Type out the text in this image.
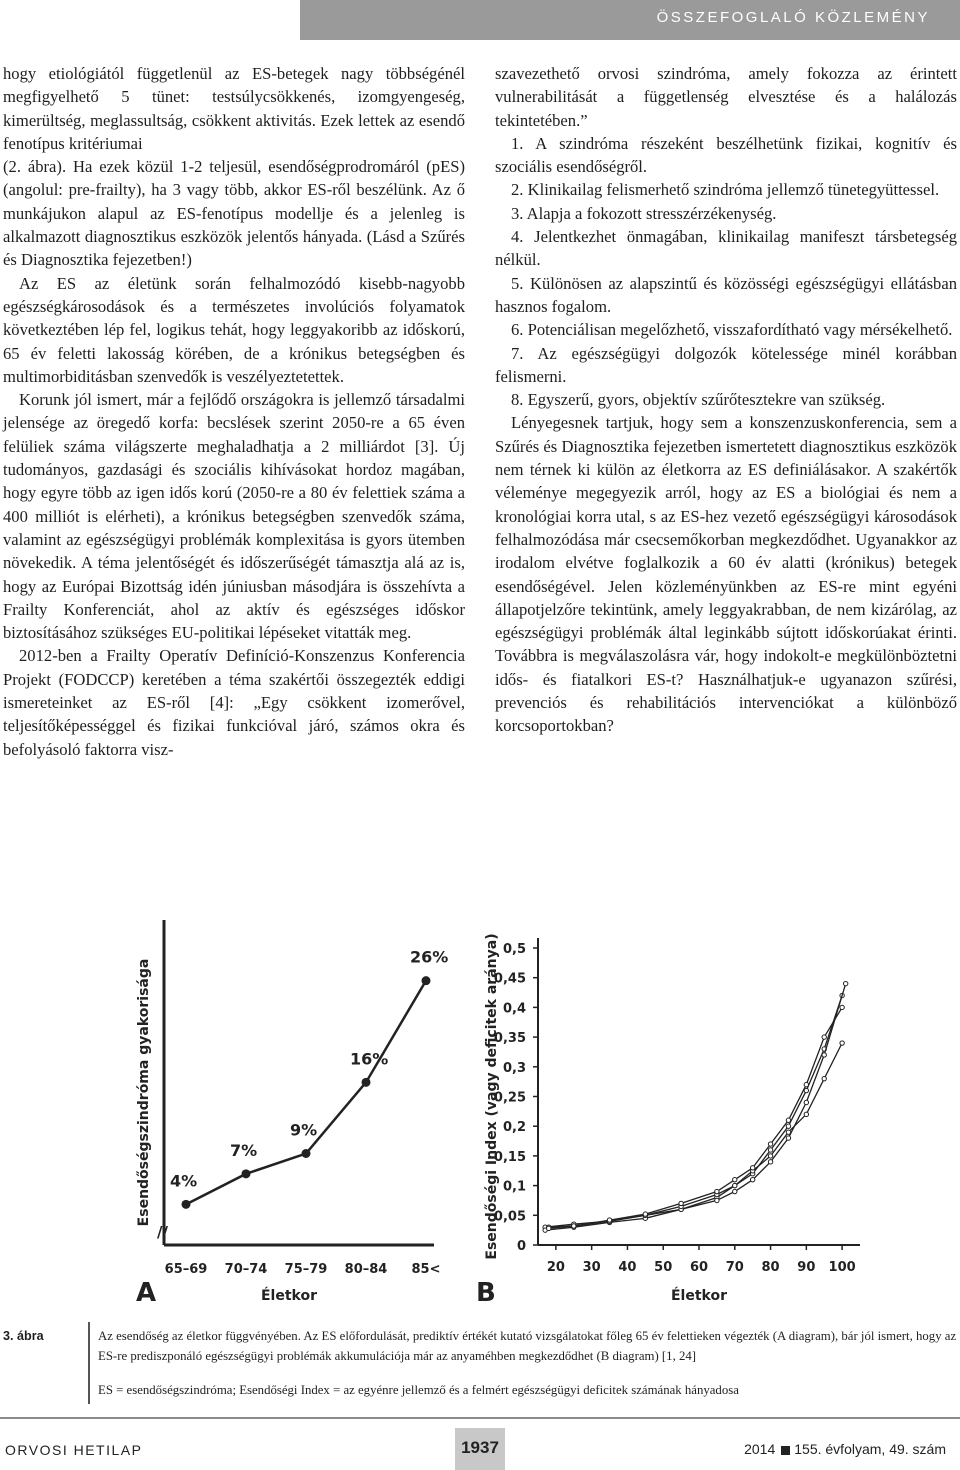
ÖSSZEFOGLALÓ KÖZLEMÉNY

hogy etiológiától függetlenül az ES-betegek nagy többségénél megfigyelhető 5 tünet: testsúlycsökkenés, izomgyengeség, kimerültség, meglassultság, csökkent aktivitás. Ezek lettek az esendő fenotípus kritériumai

(2. ábra). Ha ezek közül 1-2 teljesül, esendőségprodromáról (pES) (angolul: pre-frailty), ha 3 vagy több, akkor ES-ről beszélünk. Az ő munkájukon alapul az ES-fenotípus modellje és a jelenleg is alkalmazott diagnosztikus eszközök jelentős hányada. (Lásd a Szűrés és Diagnosztika fejezetben!)

Az ES az életünk során felhalmozódó kisebb-nagyobb egészségkárosodások és a természetes involúciós folyamatok következtében lép fel, logikus tehát, hogy leggyakoribb az időskorú, 65 év feletti lakosság körében, de a krónikus betegségben és multimorbiditásban szenvedők is veszélyeztetettek.

Korunk jól ismert, már a fejlődő országokra is jellemző társadalmi jelensége az öregedő korfa: becslések szerint 2050-re a 65 éven felüliek száma világszerte meghaladhatja a 2 milliárdot [3]. Új tudományos, gazdasági és szociális kihívásokat hordoz magában, hogy egyre több az igen idős korú (2050-re a 80 év felettiek száma a 400 milliót is elérheti), a krónikus betegségben szenvedők száma, valamint az egészségügyi problémák komplexitása is gyors ütemben növekedik. A téma jelentőségét és időszerűségét támasztja alá az is, hogy az Európai Bizottság idén júniusban másodjára is összehívta a Frailty Konferenciát, ahol az aktív és egészséges időskor biztosításához szükséges EU-politikai lépéseket vitatták meg.

2012-ben a Frailty Operatív Definíció-Konszenzus Konferencia Projekt (FODCCP) keretében a téma szakértői összegezték eddigi ismereteinket az ES-ről [4]: „Egy csökkent izomerővel, teljesítőképességgel és fizikai funkcióval járó, számos okra és befolyásoló faktorra visz-

szavezethető orvosi szindróma, amely fokozza az érintett vulnerabilitását a függetlenség elvesztése és a halálozás tekintetében.”

1. A szindróma részeként beszélhetünk fizikai, kognitív és szociális esendőségről.

2. Klinikailag felismerhető szindróma jellemző tünetegyüttessel.

3. Alapja a fokozott stresszérzékenység.

4. Jelentkezhet önmagában, klinikailag manifeszt társbetegség nélkül.

5. Különösen az alapszintű és közösségi egészségügyi ellátásban hasznos fogalom.

6. Potenciálisan megelőzhető, visszafordítható vagy mérsékelhető.

7. Az egészségügyi dolgozók kötelessége minél korábban felismerni.

8. Egyszerű, gyors, objektív szűrőtesztekre van szükség.

Lényegesnek tartjuk, hogy sem a konszenzuskonferencia, sem a Szűrés és Diagnosztika fejezetben ismertetett diagnosztikus eszközök nem térnek ki külön az életkorra az ES definiálásakor. A szakértők véleménye megegyezik arról, hogy az ES a biológiai és nem a kronológiai korra utal, s az ES-hez vezető egészségügyi károsodások felhalmozódása már csecsemőkorban megkezdődhet. Ugyanakkor az irodalom elvétve foglalkozik a 60 év alatti (krónikus) betegek esendőségével. Jelen közleményünkben az ES-re mint egyéni állapotjelzőre tekintünk, amely leggyakrabban, de nem kizárólag, az egészségügyi problémák által leginkább sújtott időskorúakat érinti. Továbbra is megválaszolásra vár, hogy indokolt-e megkülönböztetni idős- és fiatalkori ES-t? Használhatjuk-e ugyanazon szűrési, prevenciós és rehabilitációs intervenciókat a különböző korcsoportokban?

//
4%
7%
9%
16%
26%
65–69 70–74 75–79 80–84 85<
Életkor
A
Esendőségszindróma gyakorisága
0
0,05
0,1
0,15
0,2
0,25
0,3
0,35
0,4
0,45
0,5
20 30 40 50 60 70 80 90 100
Életkor
B
Esendőségi Index (vagy deficitek aránya)
3. ábra	Az esendőség az életkor függvényében. Az ES előfordulását, prediktív értékét kutató vizsgálatokat főleg 65 év felettieken végezték (A diagram), bár jól ismert, hogy az ES-re prediszponáló egészségügyi problémák akkumulációja már az anyaméhben megkezdődhet (B diagram) [1, 24]
ES = esendőségszindróma; Esendőségi Index = az egyénre jellemző és a felmért egészségügyi deficitek számának hányadosa
ORVOSI HETILAP	1937	2014 155. évfolyam, 49. szám
